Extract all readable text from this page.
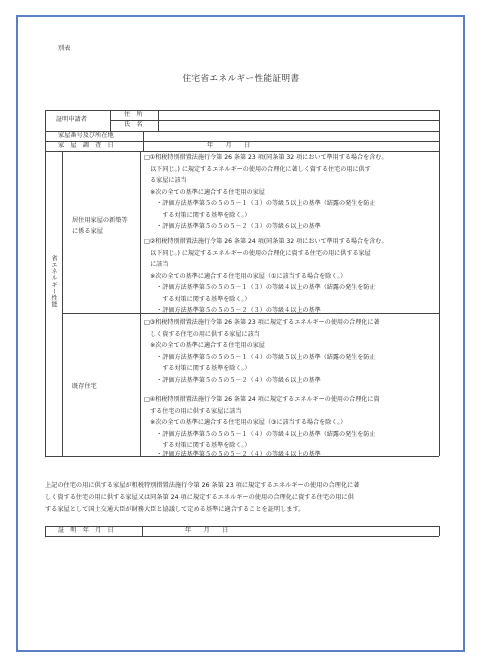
別表
住宅省エネルギー性能証明書
証明申請者
住　所
氏　名
家屋番号及び所在地
家　屋　調　査　日	年　　月　　日
省エネルギー性能
居住用家屋の新築等
に係る家屋
既存住宅
□①租税特別措置法施行令第 26 条第 23 項(同条第 32 項において準用する場合を含む。
　以下同じ。) に規定するエネルギーの使用の合理化に著しく資する住宅の用に供す
　る家屋に該当
　※次の全ての基準に適合する住宅用の家屋
　　・評価方法基準第５の５の５－１（３）の等級５以上の基準（結露の発生を防止
　　　する対策に関する基準を除く。）
　　・評価方法基準第５の５の５－２（３）の等級６以上の基準
□②租税特別措置法施行令第 26 条第 24 項(同条第 32 項において準用する場合を含む。
　以下同じ。) に規定するエネルギーの使用の合理化に資する住宅の用に供する家屋
　に該当
　※次の全ての基準に適合する住宅用の家屋（①に該当する場合を除く。）
　　・評価方法基準第５の５の５－１（３）の等級４以上の基準（結露の発生を防止
　　　する対策に関する基準を除く。）
　　・評価方法基準第５の５の５－２（３）の等級４以上の基準
□③租税特別措置法施行令第 26 条第 23 項に規定するエネルギーの使用の合理化に著
　しく資する住宅の用に供する家屋に該当
　※次の全ての基準に適合する住宅用の家屋
　　・評価方法基準第５の５の５－１（４）の等級５以上の基準（結露の発生を防止
　　　する対策に関する基準を除く。）
　　・評価方法基準第５の５の５－２（４）の等級６以上の基準
□④租税特別措置法施行令第 26 条第 24 項に規定するエネルギーの使用の合理化に資
　する住宅の用に供する家屋に該当
　※次の全ての基準に適合する住宅用の家屋（③に該当する場合を除く。）
　　・評価方法基準第５の５の５－１（４）の等級４以上の基準（結露の発生を防止
　　　する対策に関する基準を除く。）
　　・評価方法基準第５の５の５－２（４）の等級４以上の基準
上記の住宅の用に供する家屋が租税特別措置法施行令第 26 条第 23 項に規定するエネルギーの使用の合理化に著
しく資する住宅の用に供する家屋又は同条第 24 項に規定するエネルギーの使用の合理化に資する住宅の用に供
する家屋として国土交通大臣が財務大臣と協議して定める基準に適合することを証明します。
証　明　年　月　日	年　　月　　日
